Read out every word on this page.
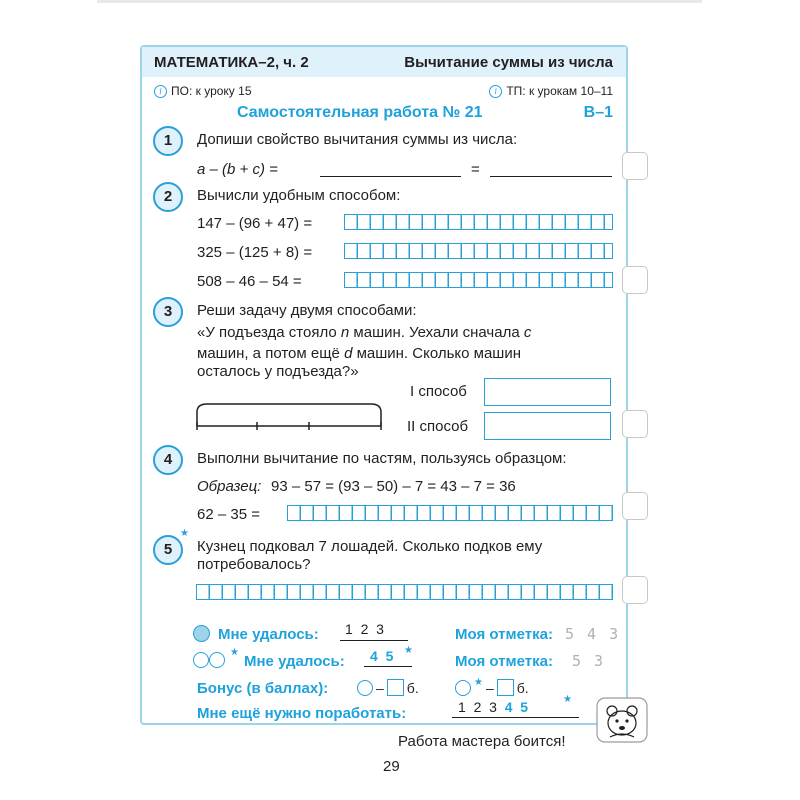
МАТЕМАТИКА–2, ч. 2	Вычитание суммы из числа
i ПО: к уроку 15	i ТП: к урокам 10–11
Самостоятельная работа № 21	В–1
1	Допиши свойство вычитания суммы из числа:
a – (b + c) =	=
2	Вычисли удобным способом:
147 – (96 + 47) =
325 – (125 + 8) =
508 – 46 – 54 =
3	Реши задачу двумя способами:
«У подъезда стояло n машин. Уехали сначала c
машин, а потом ещё d машин. Сколько машин
осталось у подъезда?»
I способ
II способ
4	Выполни вычитание по частям, пользуясь образцом:
Образец: 93 – 57 = (93 – 50) – 7 = 43 – 7 = 36
62 – 35 =
5
★
Кузнец подковал 7 лошадей. Сколько подков ему
потребовалось?
Мне удалось: 1  2  3
★
Мне удалось: 4  5 ★
Моя отметка: 5 4 3
Моя отметка: 5 3
Бонус (в баллах):	– б.	★ – б.
Мне ещё нужно поработать:	1  2  3 4  5	★
Работа мастера боится!
29
